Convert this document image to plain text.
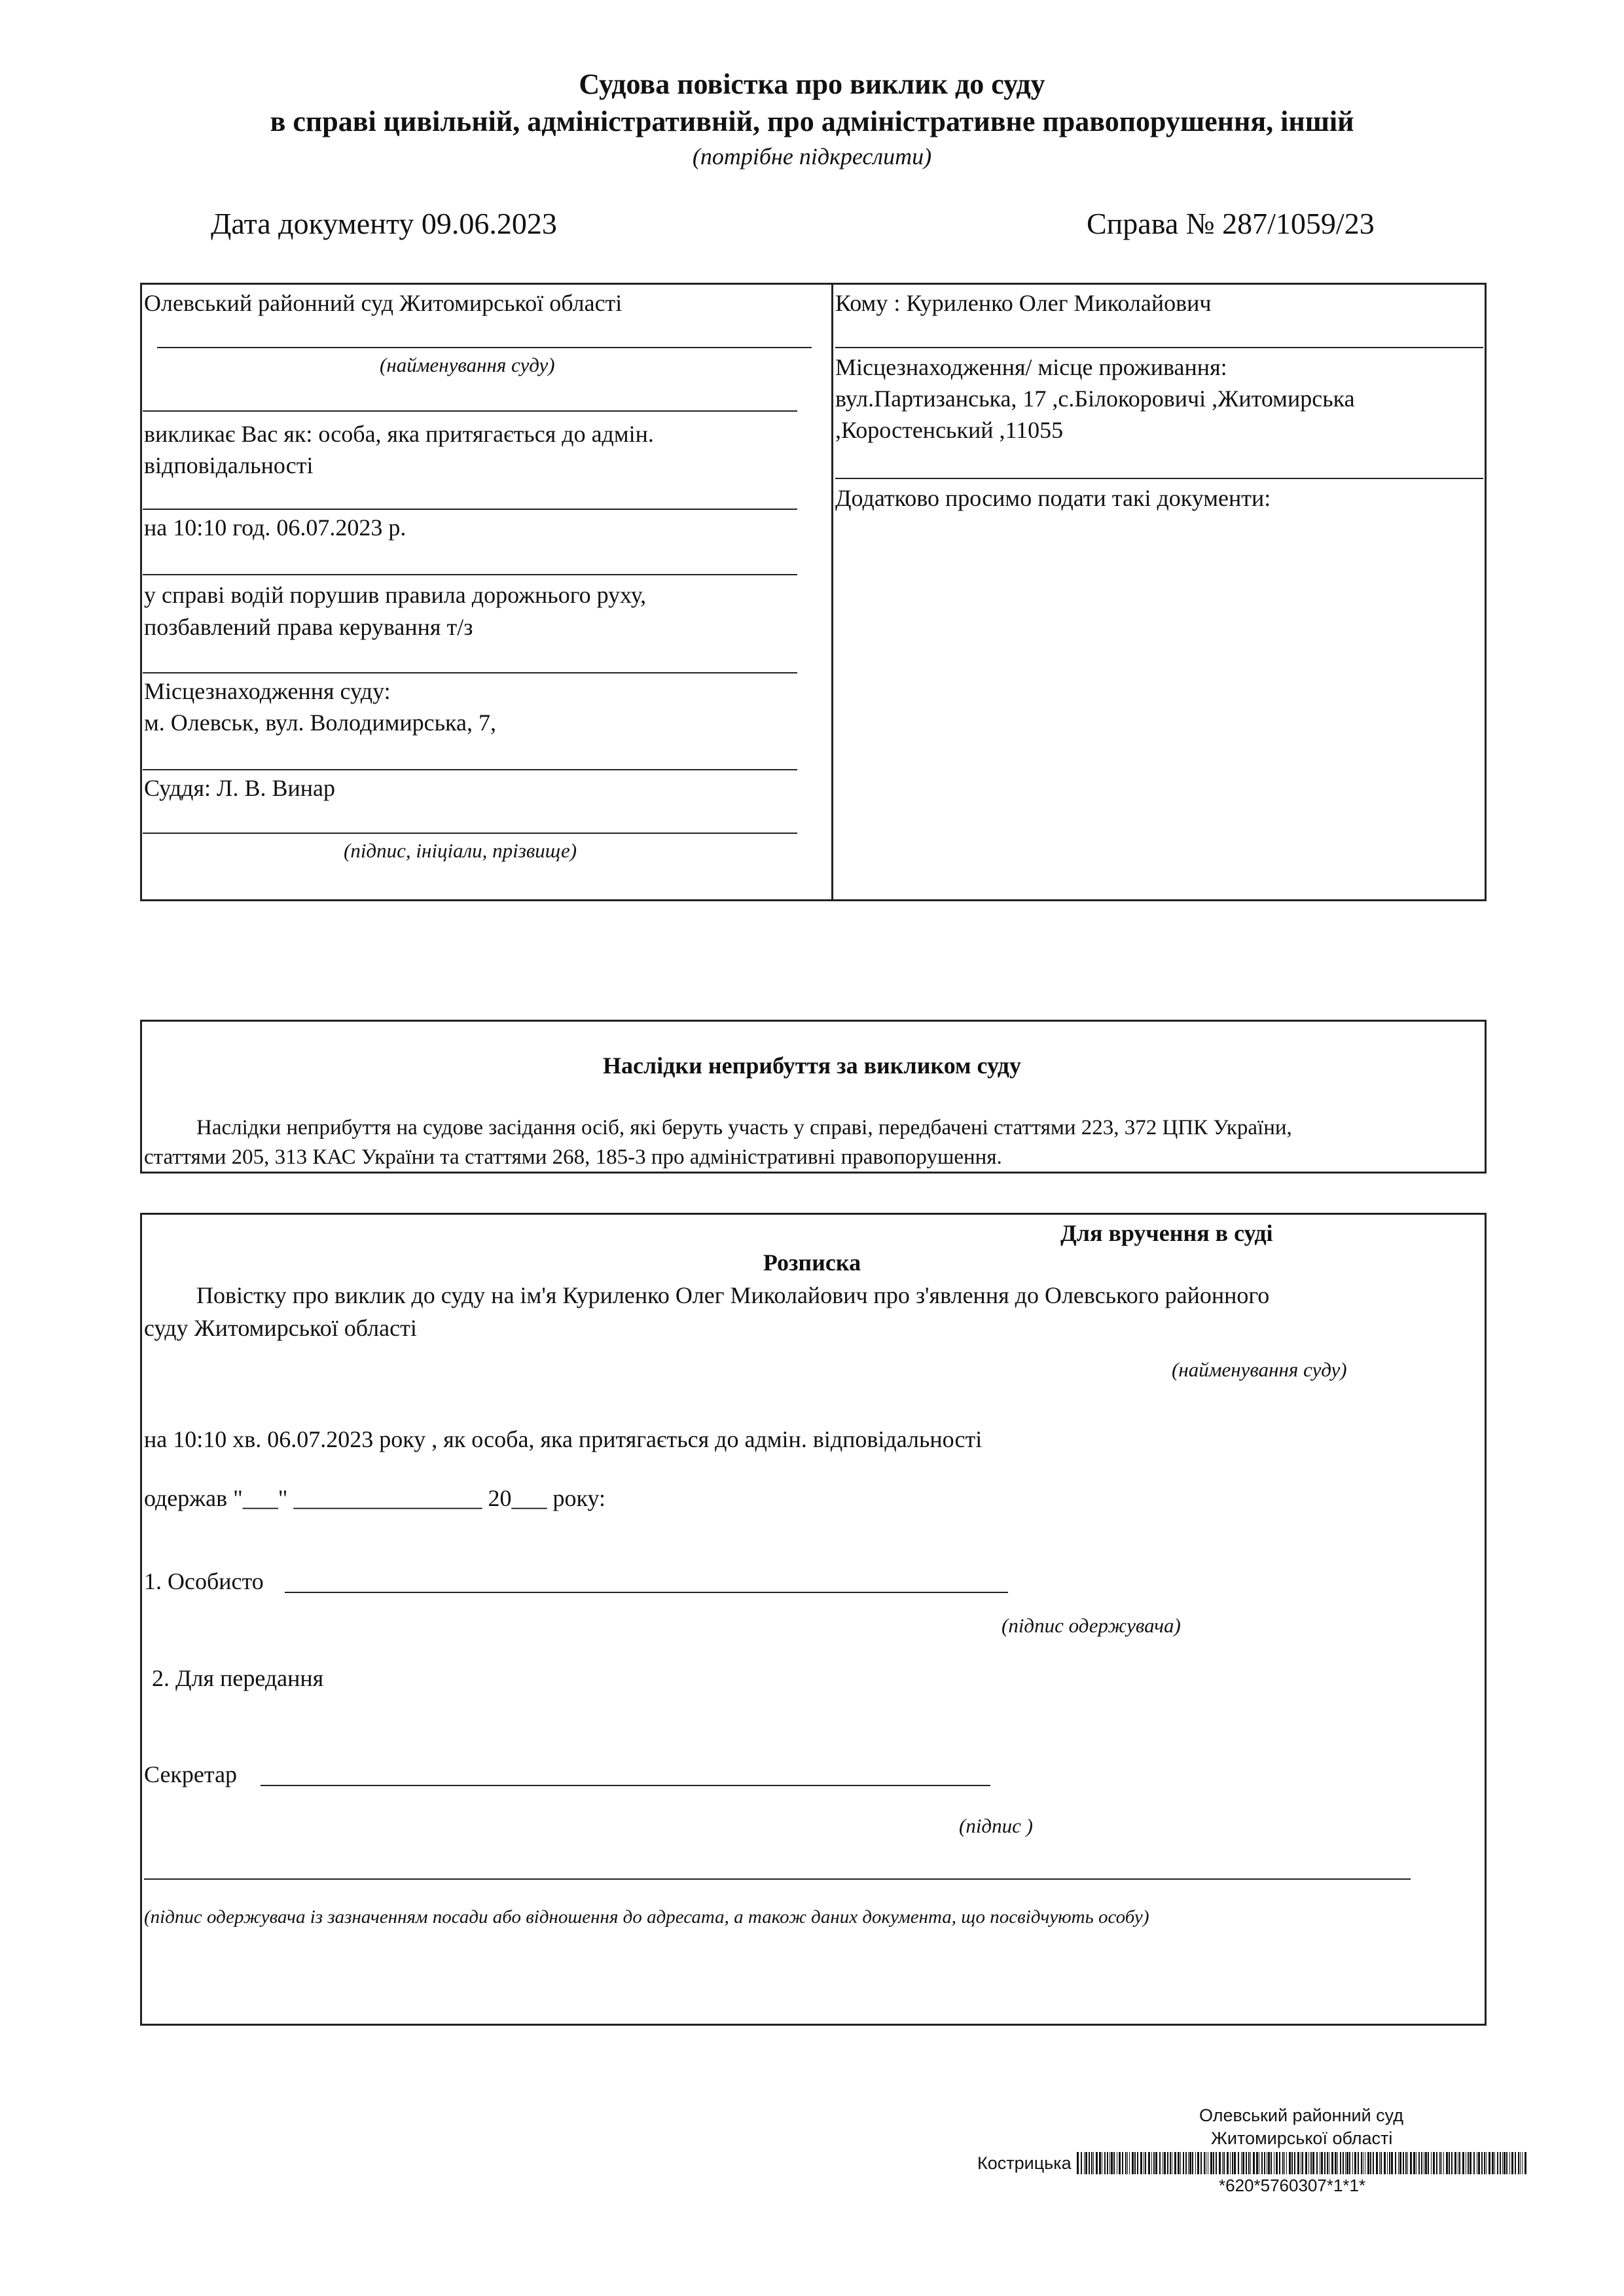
Судова повістка про виклик до суду
в справі цивільній, адміністративній, про адміністративне правопорушення, іншій
(потрібне підкреслити)
Дата документу 09.06.2023	Справа № 287/1059/23
Олевський районний суд Житомирської області
(найменування суду)
викликає Вас як: особа, яка притягається до адмін.
відповідальності
на 10:10 год. 06.07.2023 р.
у справі водій порушив правила дорожнього руху,
позбавлений права керування т/з
Місцезнаходження суду:
м. Олевськ, вул. Володимирська, 7,
Суддя: Л. В. Винар
(підпис, ініціали, прізвище)
Кому : Куриленко Олег Миколайович
Місцезнаходження/ місце проживання:
вул.Партизанська, 17 ,с.Білокоровичі ,Житомирська
,Коростенський ,11055
Додатково просимо подати такі документи:
Наслідки неприбуття за викликом суду
Наслідки неприбуття на судове засідання осіб, які беруть участь у справі, передбачені статтями 223, 372 ЦПК України,
статтями 205, 313 КАС України та статтями 268, 185-3 про адміністративні правопорушення.
Для вручення в суді
Розписка
Повістку про виклик до суду на ім'я Куриленко Олег Миколайович про з'явлення до Олевського районного
суду Житомирської області
(найменування суду)
на 10:10 хв. 06.07.2023 року , як особа, яка притягається до адмін. відповідальності
одержав "___" ________________ 20___ року:
1. Особисто
(підпис одержувача)
2. Для передання
Секретар
(підпис )
(підпис одержувача із зазначенням посади або відношення до адресата, а також даних документа, що посвідчують особу)
Олевський районний суд
Житомирської області
Кострицька
*620*5760307*1*1*
